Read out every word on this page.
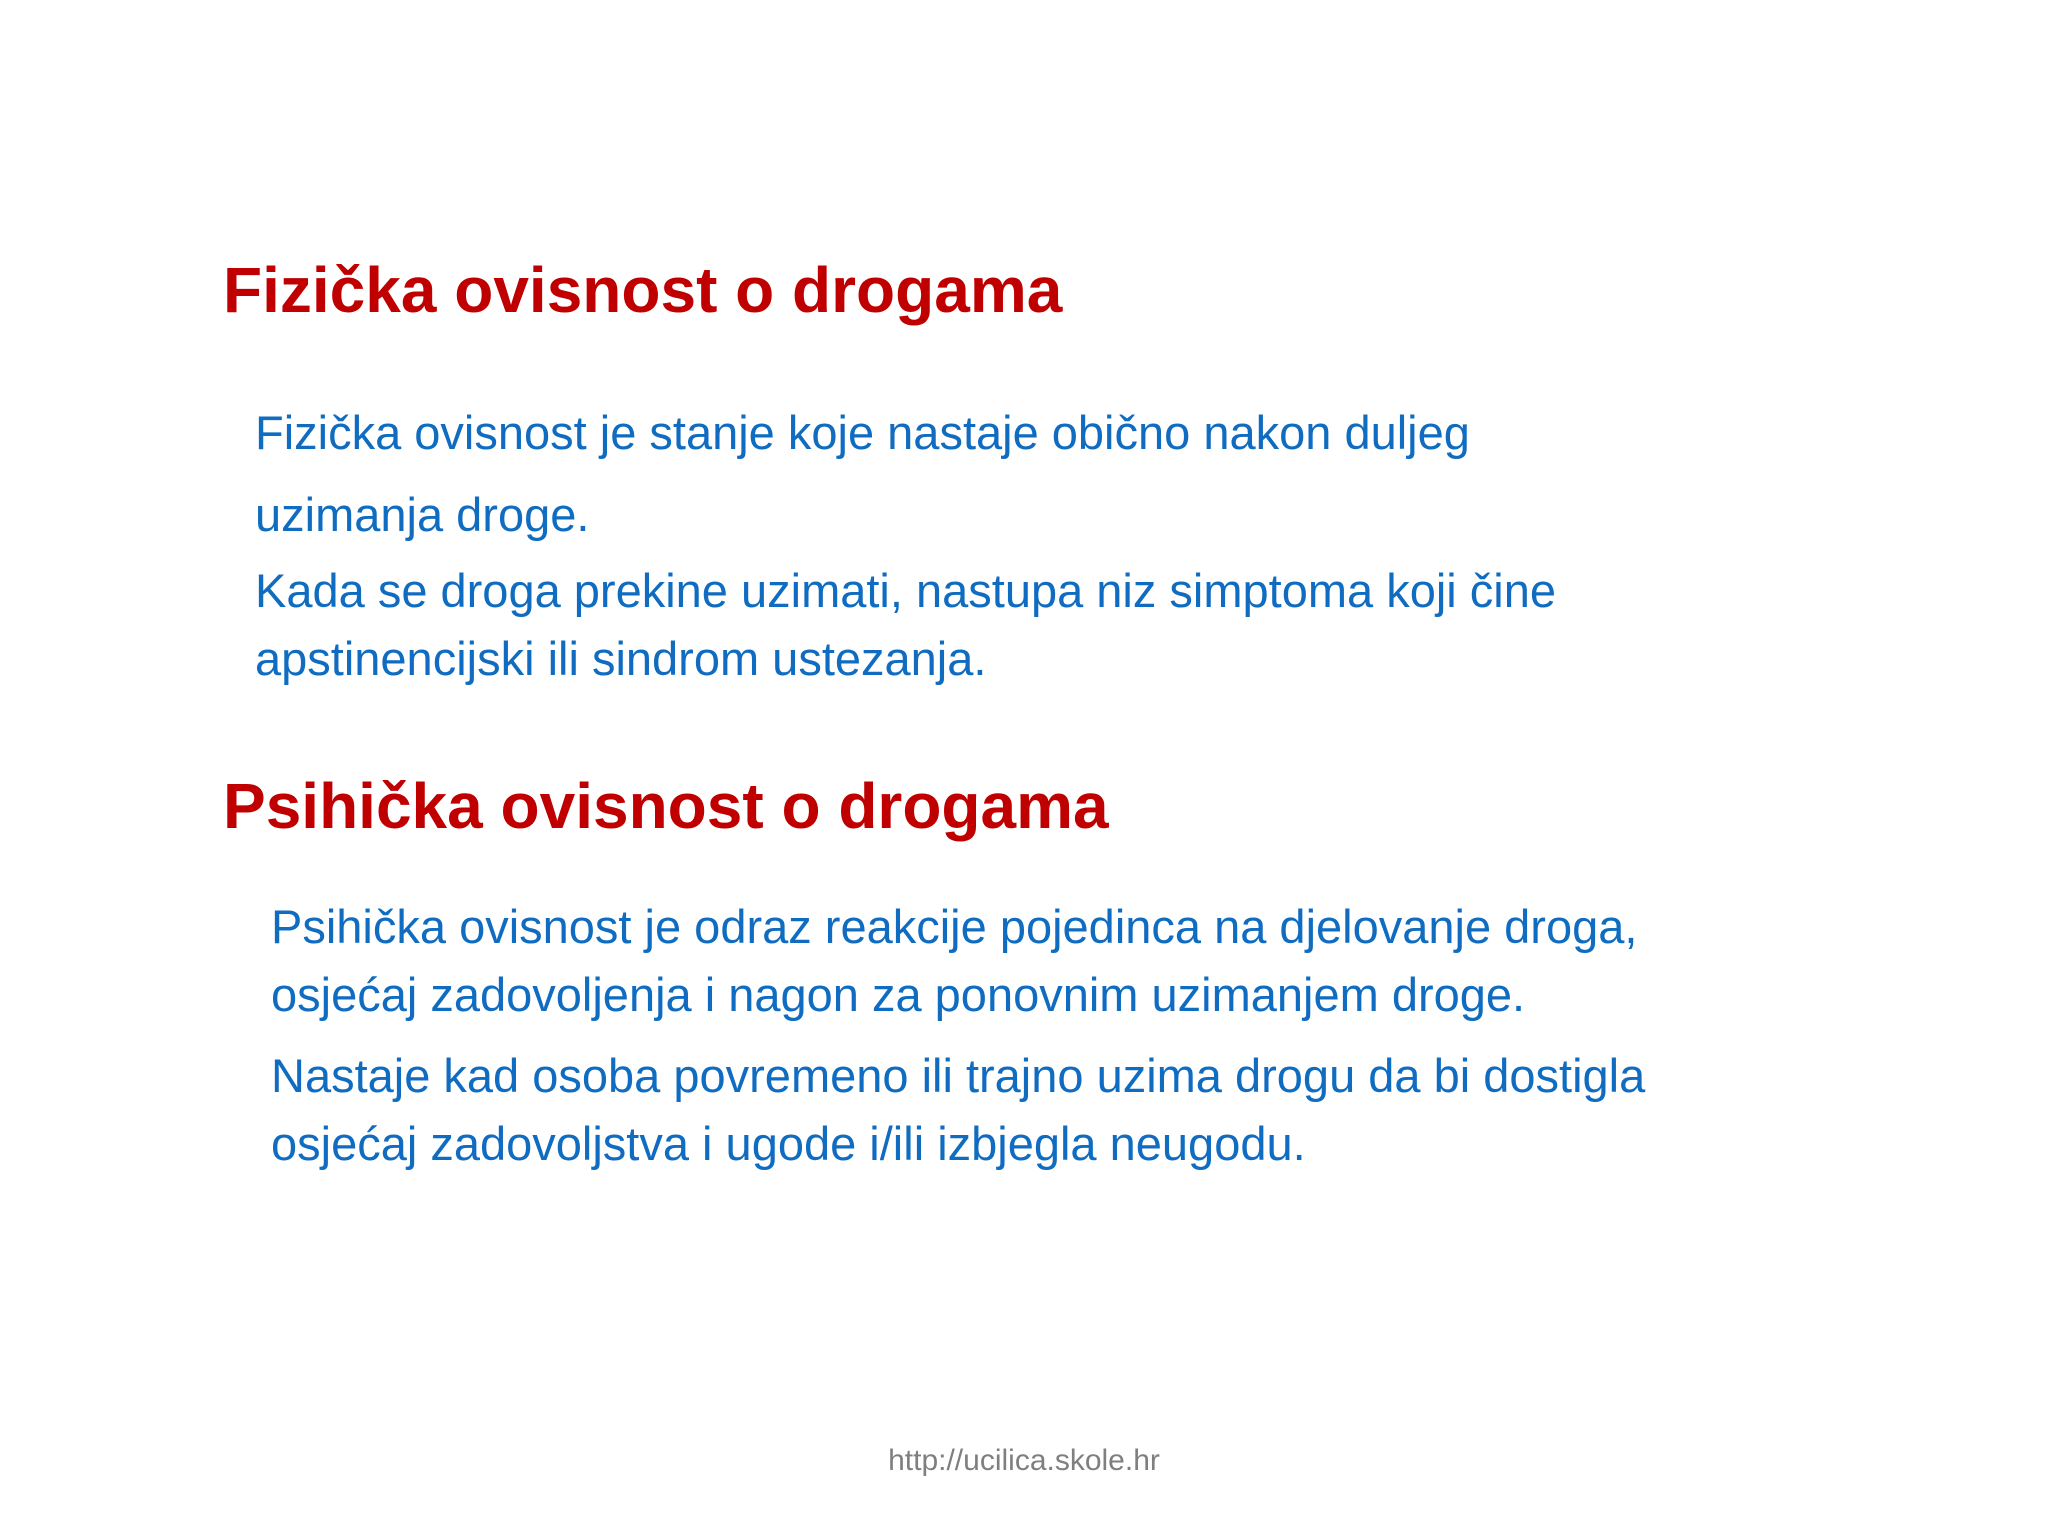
Fizička ovisnost o drogama

Fizička ovisnost je stanje koje nastaje obično nakon duljeg
uzimanja droge.

Kada se droga prekine uzimati, nastupa niz simptoma koji čine
apstinencijski ili sindrom ustezanja.

Psihička ovisnost o drogama

Psihička ovisnost je odraz reakcije pojedinca na djelovanje droga,
osjećaj zadovoljenja i nagon za ponovnim uzimanjem droge.

Nastaje kad osoba povremeno ili trajno uzima drogu da bi dostigla
osjećaj zadovoljstva i ugode i/ili izbjegla neugodu.

http://ucilica.skole.hr
